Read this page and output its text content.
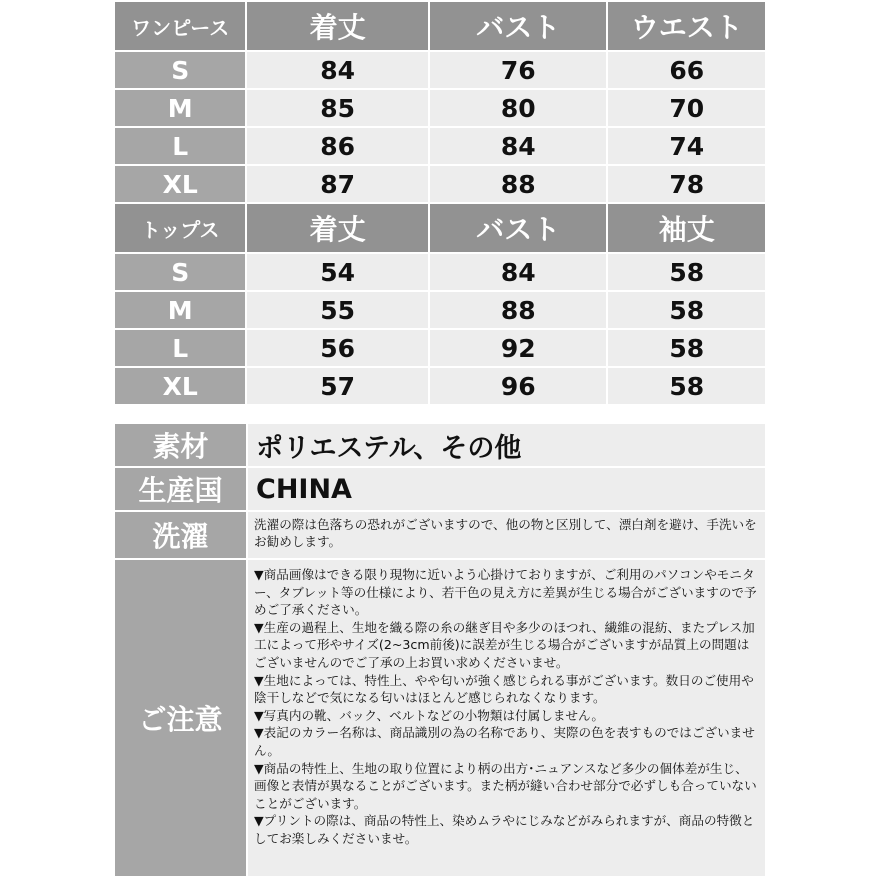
ワンピース	着丈	バスト	ウエスト
S	84	76	66
M	85	80	70
L	86	84	74
XL	87	88	78
トップス	着丈	バスト	袖丈
S	54	84	58
M	55	88	58
L	56	92	58
XL	57	96	58
素材	ポリエステル、その他
生産国	CHINA
洗濯	洗濯の際は色落ちの恐れがございますので、他の物と区別して、漂白剤を避け、手洗いをお勧めします。
ご注意
▼商品画像はできる限り現物に近いよう心掛けておりますが、ご利用のパソコンやモニター、タブレット等の仕様により、若干色の見え方に差異が生じる場合がございますので予めご了承ください。
▼生産の過程上、生地を織る際の糸の継ぎ目や多少のほつれ、繊維の混紡、またプレス加工によって形やサイズ(2~3cm前後)に誤差が生じる場合がございますが品質上の問題はございませんのでご了承の上お買い求めくださいませ。
▼生地によっては、特性上、やや匂いが強く感じられる事がございます。数日のご使用や陰干しなどで気になる匂いはほとんど感じられなくなります。
▼写真内の靴、バック、ベルトなどの小物類は付属しません。
▼表記のカラー名称は、商品識別の為の名称であり、実際の色を表すものではございません。
▼商品の特性上、生地の取り位置により柄の出方･ニュアンスなど多少の個体差が生じ、画像と表情が異なることがございます。また柄が縫い合わせ部分で必ずしも合っていないことがございます。
▼プリントの際は、商品の特性上、染めムラやにじみなどがみられますが、商品の特徴としてお楽しみくださいませ。
